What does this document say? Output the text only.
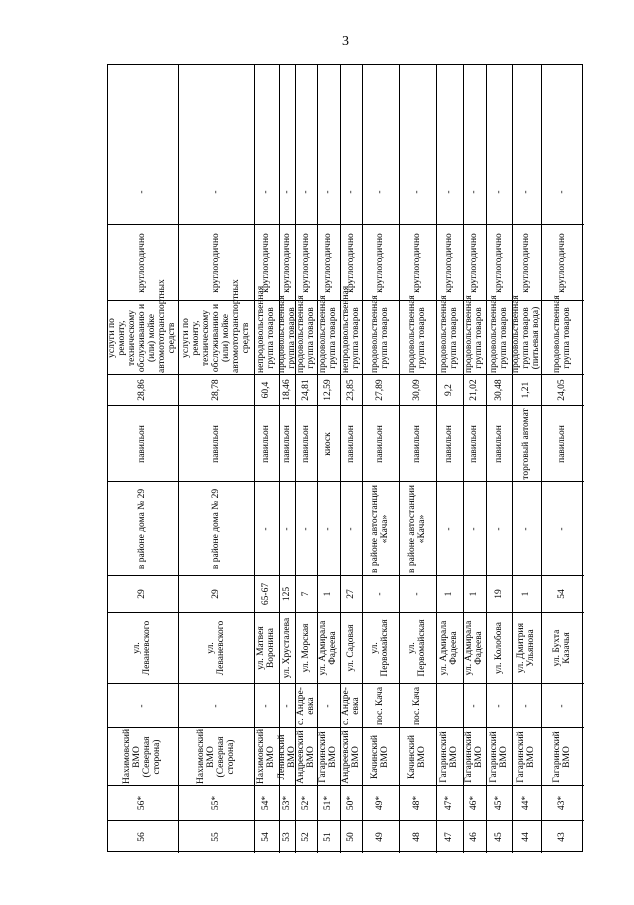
3
43
43*
Гагаринский ВМО
-
ул. Бухта Казачья
54
-
павильон
24,05
продовольственная группа товаров
круглогодично
-
44
44*
Гагаринский ВМО
-
ул. Дмитрия Ульянова
1
-
торговый автомат
1,21
продовольственная группа товаров (питьевая вода)
круглогодично
-
45
45*
Гагаринский ВМО
-
ул. Колобова
19
-
павильон
30,48
продовольственная группа товаров
круглогодично
-
46
46*
Гагаринский ВМО
-
ул. Адмирала Фадеева
1
-
павильон
21,02
продовольственная группа товаров
круглогодично
-
47
47*
Гагаринский ВМО
ул. Адмирала Фадеева
1
-
павильон
9,2
продовольственная группа товаров
круглогодично
-
48
48*
Качинский ВМО
пос. Кача
ул. Первомайская
-
в районе автостанции «Кача»
павильон
30,09
продовольственная группа товаров
круглогодично
-
49
49*
Качинский ВМО
пос. Кача
ул. Первомайская
-
в районе автостанции «Кача»
павильон
27,89
продовольственная группа товаров
круглогодично
-
50
50*
Андреевский ВМО
с. Андре-евка
ул. Садовая
27
-
павильон
23,85
непродовольственная группа товаров
круглогодично
-
51
51*
Гагаринский ВМО
-
ул. Адмирала Фадеева
1
-
киоск
12,59
продовольственная группа товаров
круглогодично
-
52
52*
Андреевский ВМО
с. Андре-евка
ул. Морская
7
-
павильон
24,81
продовольственная группа товаров
круглогодично
-
53
53*
Ленинский ВМО
-
ул. Хрусталева
125
-
павильон
18,46
продовольственная группа товаров
круглогодично
-
54
54*
Нахимовский ВМО
-
ул. Матвея Воронина
65-67
-
павильон
60,4
непродовольственная группа товаров
круглогодично
-
55
55*
Нахимовский ВМО (Северная сторона)
-
ул. Леваневского
29
в районе дома № 29
павильон
28,78
услуги по ремонту, техническому обслуживанию и (или) мойке автомототранспортных средств
круглогодично
-
56
56*
Нахимовский ВМО (Северная сторона)
-
ул. Леваневского
29
в районе дома № 29
павильон
28,86
услуги по ремонту, техническому обслуживанию и (или) мойке автомототранспортных средств
круглогодично
-
